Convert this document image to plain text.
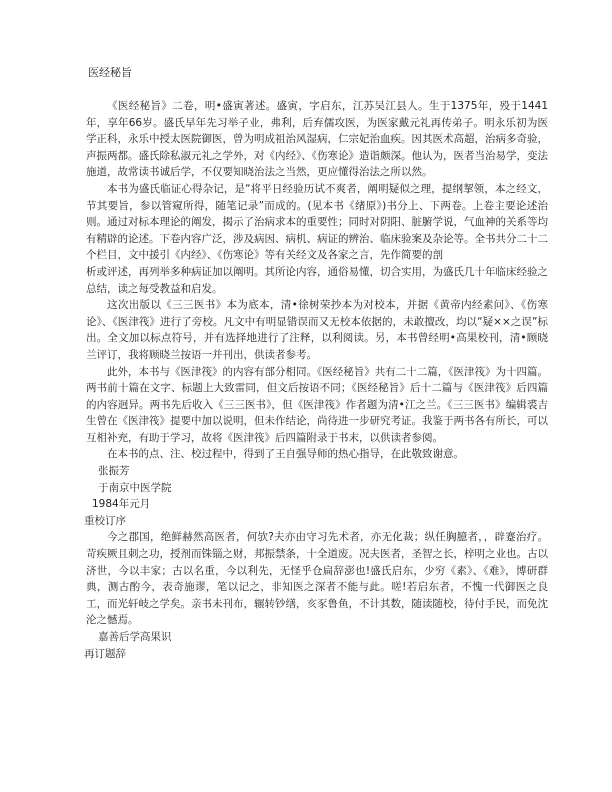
医经秘旨

《医经秘旨》二卷，明•盛寅著述。盛寅，字启东，江苏吴江县人。生于1375年，殁于1441年，享年66岁。盛氏早年先习举子业，弗利，后弃儒攻医，为医家戴元礼再传弟子。明永乐初为医学正科，永乐中授太医院御医，曾为明成祖治风湿病，仁宗妃治血疾。因其医术高超，治病多奇验，声振两都。盛氏除私淑元礼之学外，对《内经》、《伤寒论》造诣颇深。他认为，医者当治易学，变法施道，故常读书诚后学，不仅要知晓治法之当然，更应懂得治法之所以然。

本书为盛氏临证心得杂记，是“将平日经验历试不爽者，阐明疑似之理，提纲挈领，本之经文，节其要旨，参以管窥所得，随笔记录”而成的。(见本书《绪原》)书分上、下两卷。上卷主要论述治则。通过对标本理论的阐发，揭示了治病求本的重要性；同时对阴阳、脏腑学说，气血神的关系等均有精辟的论述。下卷内容广泛，涉及病因、病机、病证的辨治、临床验案及杂论等。全书共分二十二个栏目，文中援引《内经》、《伤寒论》等有关经文及各家之言，先作简要的剖

析或评述，再列举多种病证加以阐明。其所论内容，通俗易懂，切合实用，为盛氏几十年临床经验之总结，读之每受教益和启发。

这次出版以《三三医书》本为底本，清•徐树荣抄本为对校本，并据《黄帝内经素问》、《伤寒论》、《医津筏》进行了旁校。凡文中有明显错误而又无校本依据的，未敢擅改，均以“疑××之误”标出。全文加以标点符号，并有选择地进行了注释，以利阅读。另，本书曾经明•高果校刊，清•顾晓兰评订，我将顾晓兰按语一并刊出，供读者参考。

此外，本书与《医津筏》的内容有部分相同。《医经秘旨》共有二十二篇，《医津筏》为十四篇。两书前十篇在文字、标题上大致雷同，但文后按语不同；《医经秘旨》后十二篇与《医津筏》后四篇的内容迥异。两书先后收入《三三医书》，但《医津筏》作者题为清•江之兰。《三三医书》编辑裘吉生曾在《医津筏》提要中加以说明，但未作结论，尚待进一步研究考证。我鉴于两书各有所长，可以互相补充，有助于学习，故将《医津筏》后四篇附录于书末，以供读者参阅。

在本书的点、注、校过程中，得到了王自强导师的热心指导，在此敬致谢意。

张振芳

于南京中医学院

1984年元月

重校订序

今之郡国，绝鲜赫然高医者，何欤?夫亦由守习先术者，亦无化裁；纵任胸臆者，，辟蹇治疗。苛疾厥且刺之功，授剂而铢锱之财，邦振禁条，十全道废。况夫医者，圣智之长，梓明之业也。古以济世，今以丰家；古以名重，今以利先，无怪乎仓扁辞澎也!盛氏启东，少穷《素》、《难》，博研群典，测古酌今，表奇施谬，笔以记之，非知医之深者不能与此。嗟!若启东者，不愧一代御医之良工，而光轩岐之学矣。亲书未刊布，辗转钞缮，亥豕鲁鱼，不计其数，随读随校，待付手民，而免沈沦之憾焉。

嘉善后学高果识

再订题辞
